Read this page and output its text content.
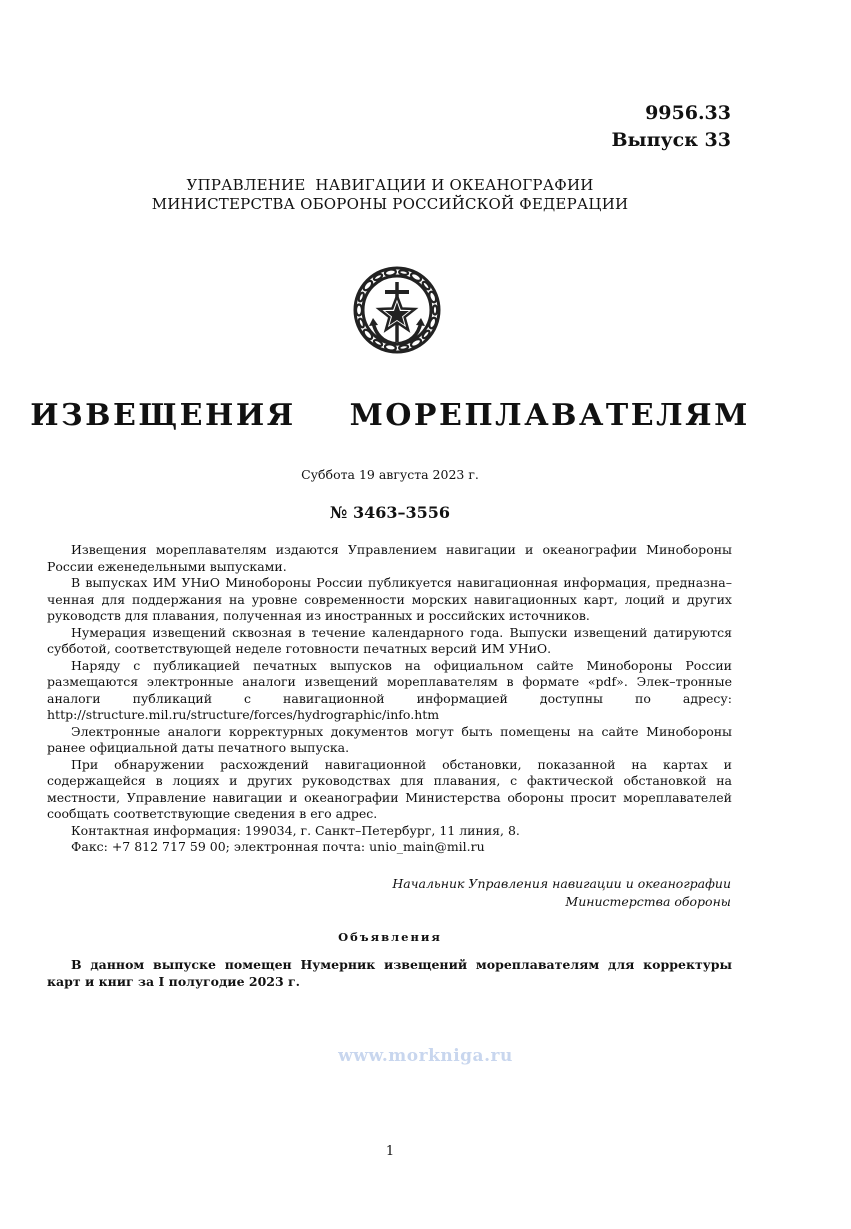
9956.33
Выпуск 33
УПРАВЛЕНИЕ  НАВИГАЦИИ И ОКЕАНОГРАФИИ
МИНИСТЕРСТВА ОБОРОНЫ РОССИЙСКОЙ ФЕДЕРАЦИИ
ИЗВЕЩЕНИЯ  МОРЕПЛАВАТЕЛЯМ
Суббота 19 августа 2023 г.
№ 3463–3556

Извещения мореплавателям издаются Управлением навигации и океанографии Минобороны России еженедельными выпусками.

В выпусках ИМ УНиО Минобороны России публикуется навигационная информация, предназна–ченная для поддержания на уровне современности морских навигационных карт, лоций и других руководств для плавания, полученная из иностранных и российских источников.

Нумерация извещений сквозная в течение календарного года. Выпуски извещений датируются субботой, соответствующей неделе готовности печатных версий ИМ УНиО.

Наряду с публикацией печатных выпусков на официальном сайте Минобороны России размещаются электронные аналоги извещений мореплавателям в формате «pdf». Элек–тронные аналоги публикаций с навигационной информацией доступны по адресу: http://structure.mil.ru/structure/forces/hydrographic/info.htm

Электронные аналоги корректурных документов могут быть помещены на сайте Минобороны ранее официальной даты печатного выпуска.

При обнаружении расхождений навигационной обстановки, показанной на картах и содержащейся в лоциях и других руководствах для плавания, с фактической обстановкой на местности, Управление навигации и океанографии Министерства обороны просит мореплавателей сообщать соответствующие сведения в его адрес.

Контактная информация: 199034, г. Санкт–Петербург, 11 линия, 8.

Факс: +7 812 717 59 00; электронная почта: unio_main@mil.ru

Начальник Управления навигации и океанографии
Министерства обороны
Объявления
В данном выпуске помещен Нумерник извещений мореплавателям для корректуры карт и книг за I полугодие 2023 г.
www.morkniga.ru
1
